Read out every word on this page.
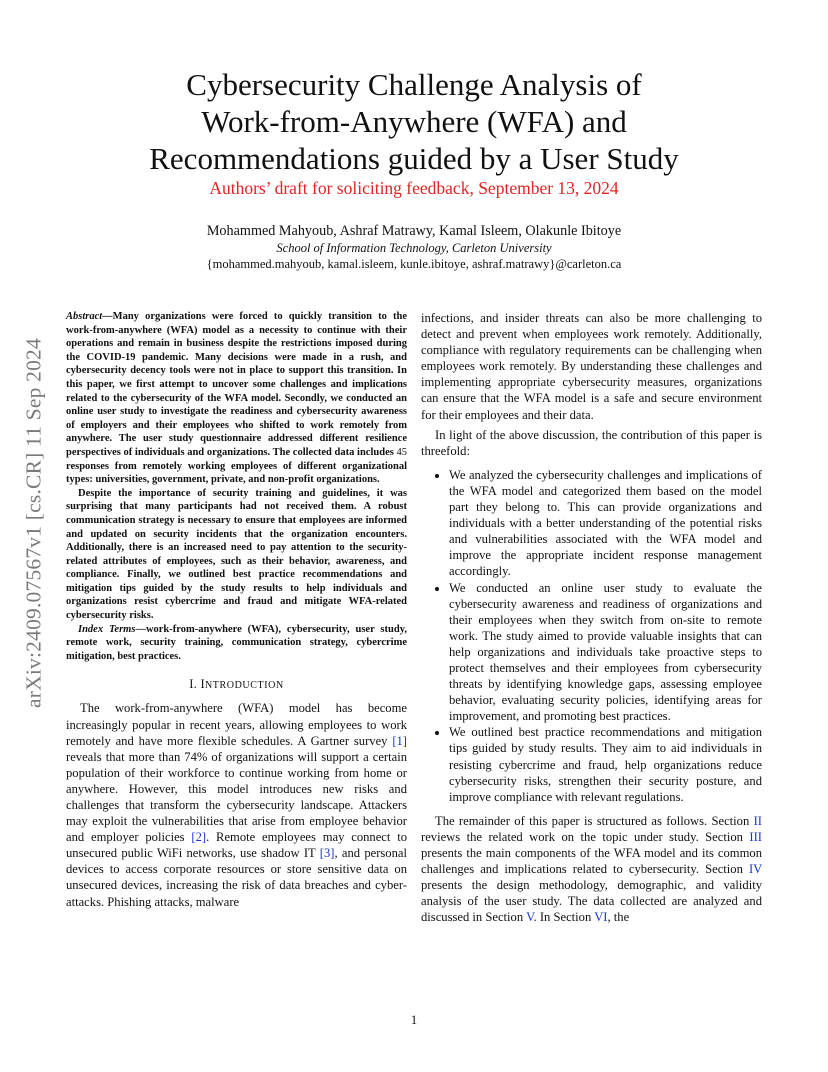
arXiv:2409.07567v1 [cs.CR] 11 Sep 2024
Cybersecurity Challenge Analysis of
Work-from-Anywhere (WFA) and
Recommendations guided by a User Study
Authors’ draft for soliciting feedback, September 13, 2024
Mohammed Mahyoub, Ashraf Matrawy, Kamal Isleem, Olakunle Ibitoye
School of Information Technology, Carleton University
{mohammed.mahyoub, kamal.isleem, kunle.ibitoye, ashraf.matrawy}@carleton.ca

Abstract—Many organizations were forced to quickly transition to the work-from-anywhere (WFA) model as a necessity to continue with their operations and remain in business despite the restrictions imposed during the COVID-19 pandemic. Many decisions were made in a rush, and cybersecurity decency tools were not in place to support this transition. In this paper, we first attempt to uncover some challenges and implications related to the cybersecurity of the WFA model. Secondly, we conducted an online user study to investigate the readiness and cybersecurity awareness of employers and their employees who shifted to work remotely from anywhere. The user study questionnaire addressed different resilience perspectives of individuals and organizations. The collected data includes 45 responses from remotely working employees of different organizational types: universities, government, private, and non-profit organizations.

Despite the importance of security training and guidelines, it was surprising that many participants had not received them. A robust communication strategy is necessary to ensure that employees are informed and updated on security incidents that the organization encounters. Additionally, there is an increased need to pay attention to the security-related attributes of employees, such as their behavior, awareness, and compliance. Finally, we outlined best practice recommendations and mitigation tips guided by the study results to help individuals and organizations resist cybercrime and fraud and mitigate WFA-related cybersecurity risks.

Index Terms—work-from-anywhere (WFA), cybersecurity, user study, remote work, security training, communication strategy, cybercrime mitigation, best practices.

I. INTRODUCTION

The work-from-anywhere (WFA) model has become increasingly popular in recent years, allowing employees to work remotely and have more flexible schedules. A Gartner survey [1] reveals that more than 74% of organizations will support a certain population of their workforce to continue working from home or anywhere. However, this model introduces new risks and challenges that transform the cybersecurity landscape. Attackers may exploit the vulnerabilities that arise from employee behavior and employer policies [2]. Remote employees may connect to unsecured public WiFi networks, use shadow IT [3], and personal devices to access corporate resources or store sensitive data on unsecured devices, increasing the risk of data breaches and cyber-attacks. Phishing attacks, malware

infections, and insider threats can also be more challenging to detect and prevent when employees work remotely. Additionally, compliance with regulatory requirements can be challenging when employees work remotely. By understanding these challenges and implementing appropriate cybersecurity measures, organizations can ensure that the WFA model is a safe and secure environment for their employees and their data.

In light of the above discussion, the contribution of this paper is threefold:

• We analyzed the cybersecurity challenges and implications of the WFA model and categorized them based on the model part they belong to. This can provide organizations and individuals with a better understanding of the potential risks and vulnerabilities associated with the WFA model and improve the appropriate incident response management accordingly.
• We conducted an online user study to evaluate the cybersecurity awareness and readiness of organizations and their employees when they switch from on-site to remote work. The study aimed to provide valuable insights that can help organizations and individuals take proactive steps to protect themselves and their employees from cybersecurity threats by identifying knowledge gaps, assessing employee behavior, evaluating security policies, identifying areas for improvement, and promoting best practices.
• We outlined best practice recommendations and mitigation tips guided by study results. They aim to aid individuals in resisting cybercrime and fraud, help organizations reduce cybersecurity risks, strengthen their security posture, and improve compliance with relevant regulations.

The remainder of this paper is structured as follows. Section II reviews the related work on the topic under study. Section III presents the main components of the WFA model and its common challenges and implications related to cybersecurity. Section IV presents the design methodology, demographic, and validity analysis of the user study. The data collected are analyzed and discussed in Section V. In Section VI, the

1
